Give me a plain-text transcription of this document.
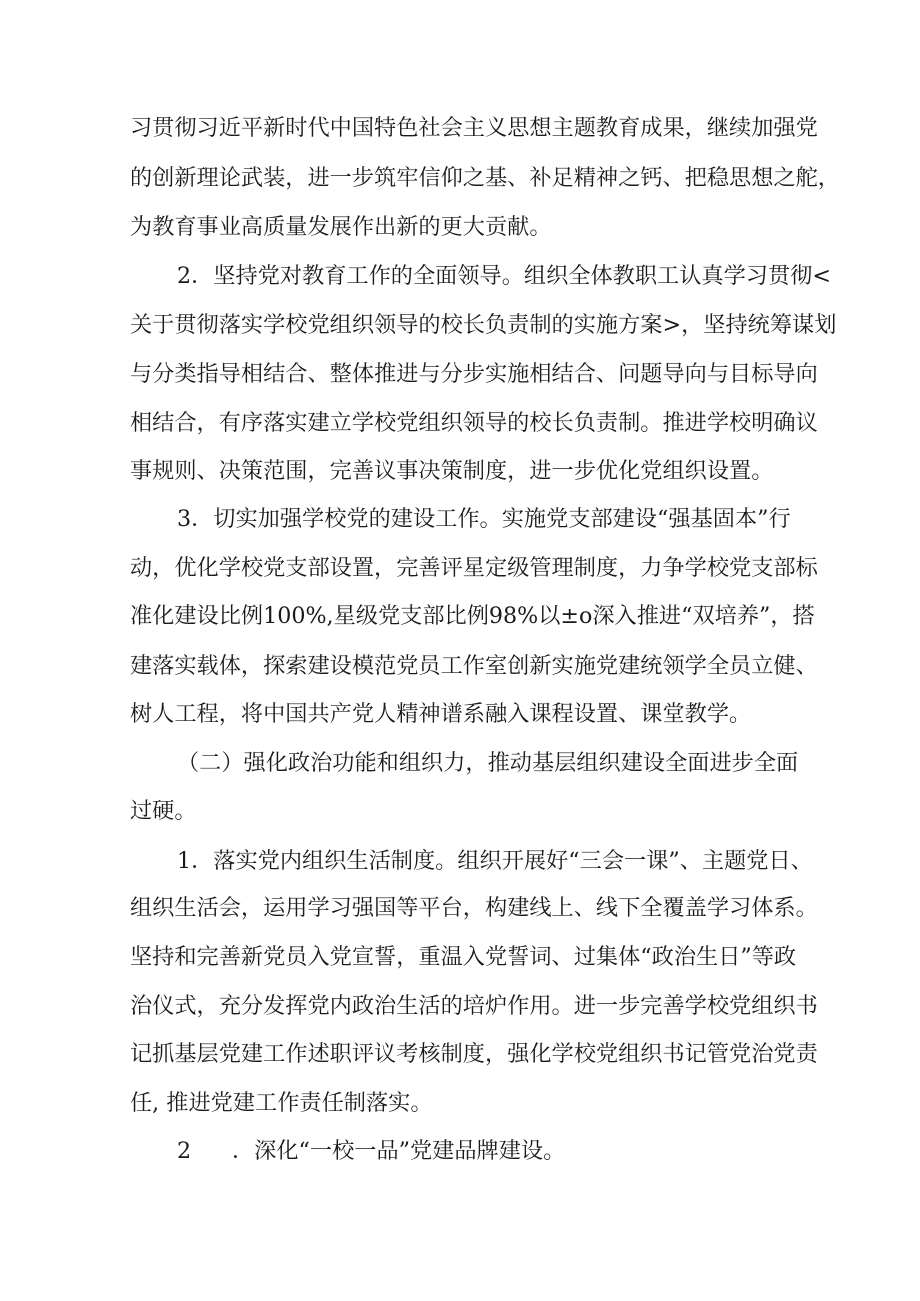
习贯彻习近平新时代中国特色社会主义思想主题教育成果，继续加强党
的创新理论武装，进一步筑牢信仰之基、补足精神之钙、把稳思想之舵，
为教育事业高质量发展作出新的更大贡献。
2．坚持党对教育工作的全面领导。组织全体教职工认真学习贯彻<
关于贯彻落实学校党组织领导的校长负责制的实施方案>，坚持统筹谋划
与分类指导相结合、整体推进与分步实施相结合、问题导向与目标导向
相结合，有序落实建立学校党组织领导的校长负责制。推进学校明确议
事规则、决策范围，完善议事决策制度，进一步优化党组织设置。
3．切实加强学校党的建设工作。实施党支部建设“强基固本”行
动，优化学校党支部设置，完善评星定级管理制度，力争学校党支部标
准化建设比例100%,星级党支部比例98%以±o深入推进“双培养”，搭
建落实载体，探索建设模范党员工作室创新实施党建统领学全员立健、
树人工程，将中国共产党人精神谱系融入课程设置、课堂教学。
（二）强化政治功能和组织力，推动基层组织建设全面进步全面
过硬。
1．落实党内组织生活制度。组织开展好“三会一课”、主题党日、
组织生活会，运用学习强国等平台，构建线上、线下全覆盖学习体系。
坚持和完善新党员入党宣誓，重温入党誓词、过集体“政治生日”等政
治仪式，充分发挥党内政治生活的培炉作用。进一步完善学校党组织书
记抓基层党建工作述职评议考核制度，强化学校党组织书记管党治党责
任, 推进党建工作责任制落实。
2 ．深化“一校一品”党建品牌建设。
